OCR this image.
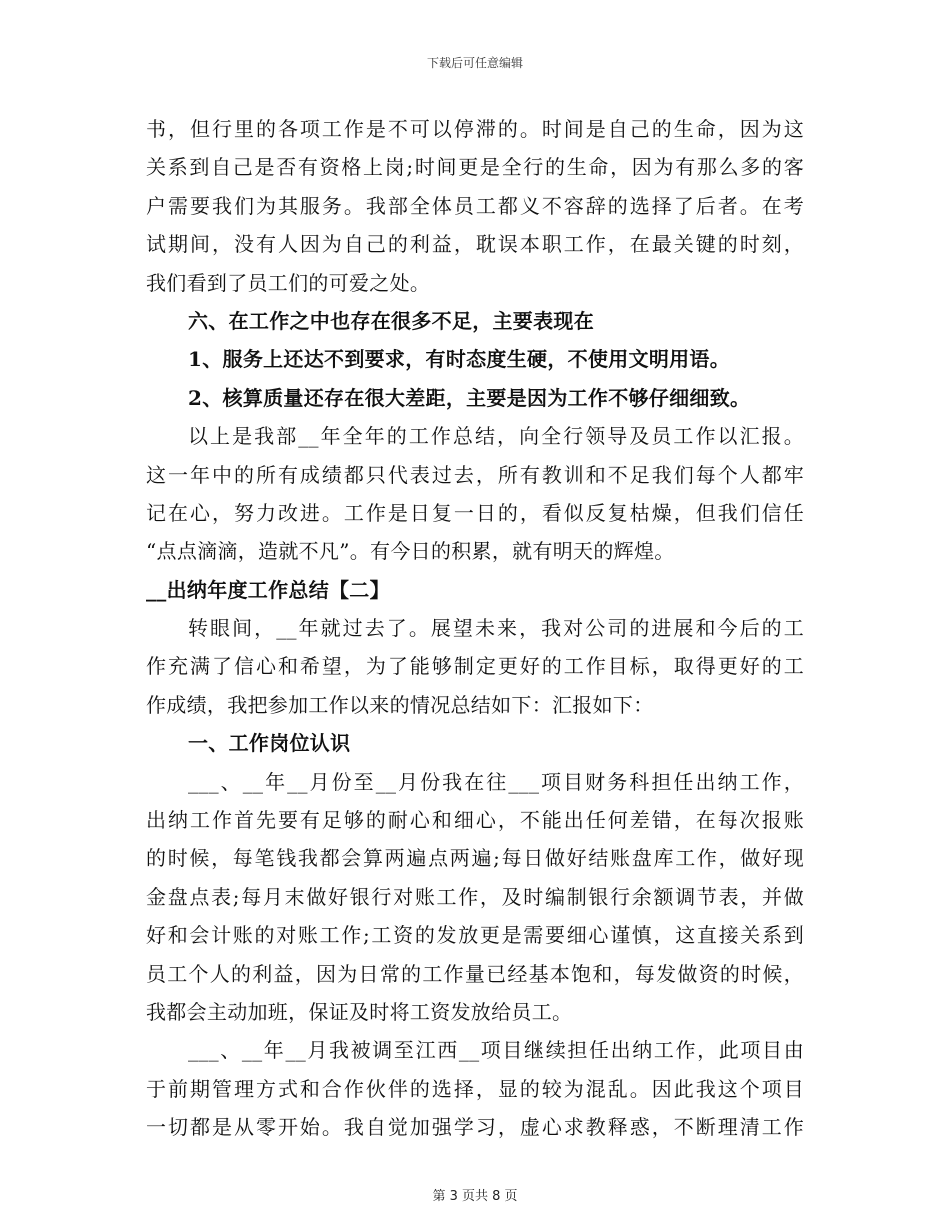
下载后可任意编辑
书，但行里的各项工作是不可以停滞的。时间是自己的生命，因为这
关系到自己是否有资格上岗;时间更是全行的生命，因为有那么多的客
户需要我们为其服务。我部全体员工都义不容辞的选择了后者。在考
试期间，没有人因为自己的利益，耽误本职工作，在最关键的时刻，
我们看到了员工们的可爱之处。
六、在工作之中也存在很多不足，主要表现在
1、服务上还达不到要求，有时态度生硬，不使用文明用语。
2、核算质量还存在很大差距，主要是因为工作不够仔细细致。
以上是我部__年全年的工作总结，向全行领导及员工作以汇报。
这一年中的所有成绩都只代表过去，所有教训和不足我们每个人都牢
记在心，努力改进。工作是日复一日的，看似反复枯燥，但我们信任
“点点滴滴，造就不凡”。有今日的积累，就有明天的辉煌。
__出纳年度工作总结【二】
转眼间，__年就过去了。展望未来，我对公司的进展和今后的工
作充满了信心和希望，为了能够制定更好的工作目标，取得更好的工
作成绩，我把参加工作以来的情况总结如下：汇报如下：
一、工作岗位认识
___、__年__月份至__月份我在往___项目财务科担任出纳工作，
出纳工作首先要有足够的耐心和细心，不能出任何差错，在每次报账
的时候，每笔钱我都会算两遍点两遍;每日做好结账盘库工作，做好现
金盘点表;每月末做好银行对账工作，及时编制银行余额调节表，并做
好和会计账的对账工作;工资的发放更是需要细心谨慎，这直接关系到
员工个人的利益，因为日常的工作量已经基本饱和，每发做资的时候，
我都会主动加班，保证及时将工资发放给员工。
___、__年__月我被调至江西__项目继续担任出纳工作，此项目由
于前期管理方式和合作伙伴的选择，显的较为混乱。因此我这个项目
一切都是从零开始。我自觉加强学习，虚心求教释惑，不断理清工作
第 3 页共 8 页
